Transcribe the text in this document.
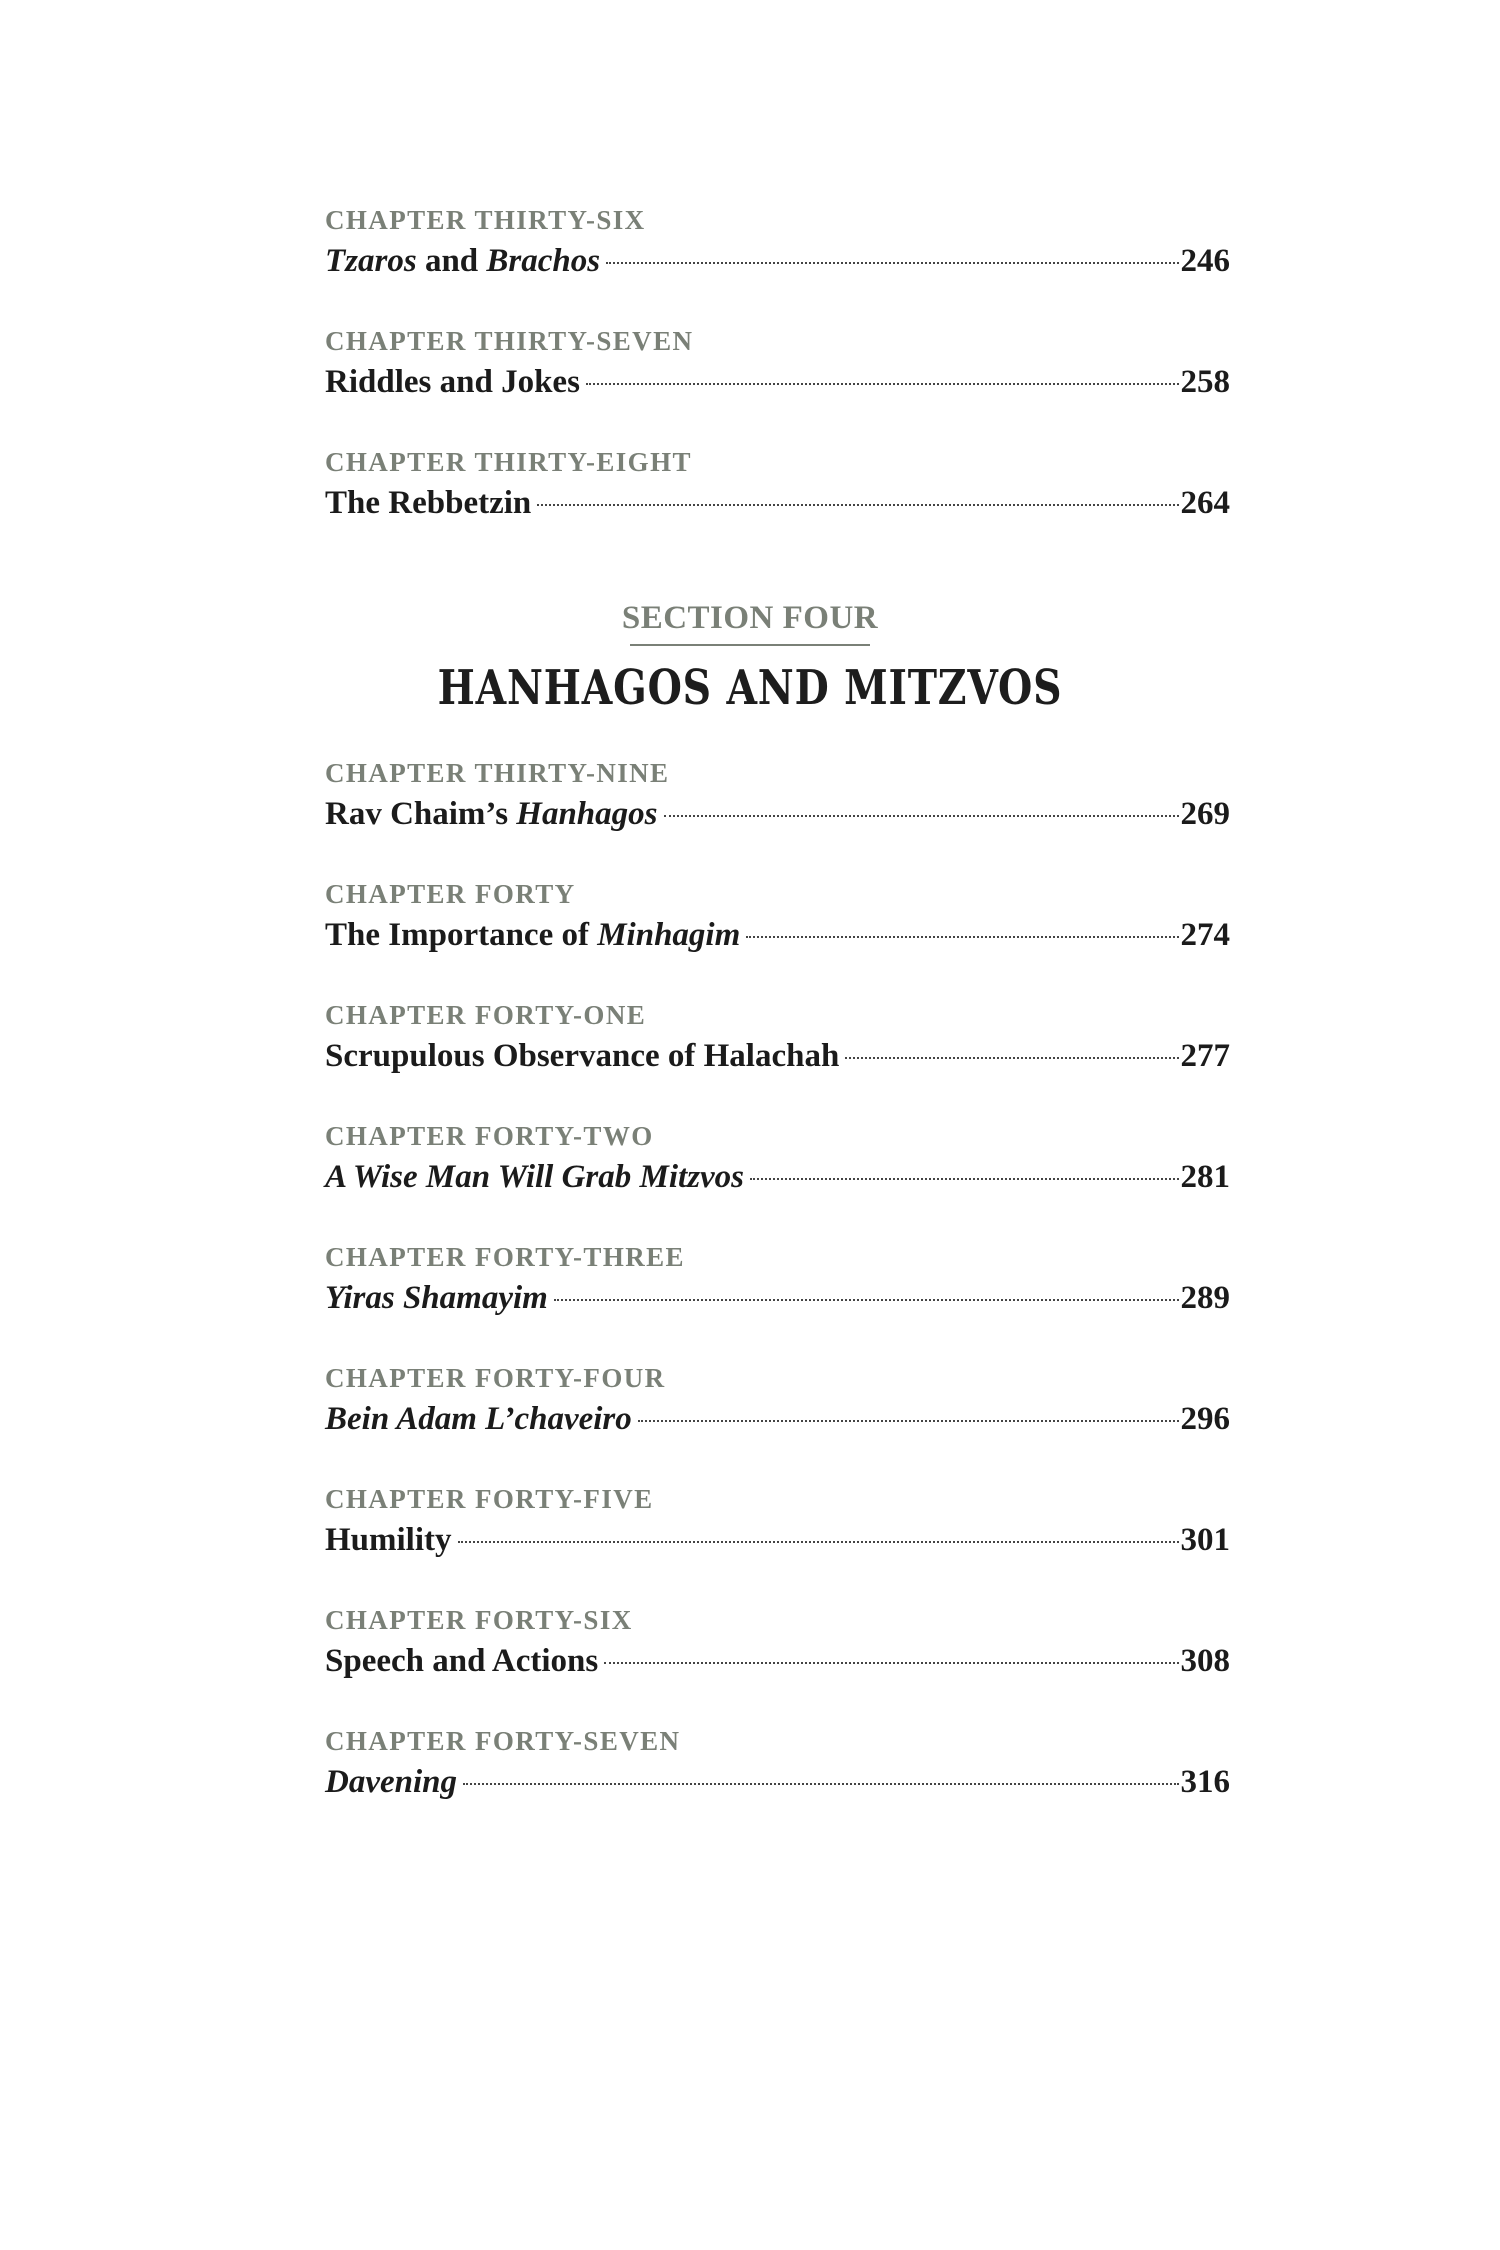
CHAPTER THIRTY-SIX
Tzaros and Brachos	246
CHAPTER THIRTY-SEVEN
Riddles and Jokes	258
CHAPTER THIRTY-EIGHT
The Rebbetzin	264
SECTION FOUR
HANHAGOS AND MITZVOS
CHAPTER THIRTY-NINE
Rav Chaim’s Hanhagos	269
CHAPTER FORTY
The Importance of Minhagim	274
CHAPTER FORTY-ONE
Scrupulous Observance of Halachah	277
CHAPTER FORTY-TWO
A Wise Man Will Grab Mitzvos	281
CHAPTER FORTY-THREE
Yiras Shamayim	289
CHAPTER FORTY-FOUR
Bein Adam L’chaveiro	296
CHAPTER FORTY-FIVE
Humility	301
CHAPTER FORTY-SIX
Speech and Actions	308
CHAPTER FORTY-SEVEN
Davening	316
